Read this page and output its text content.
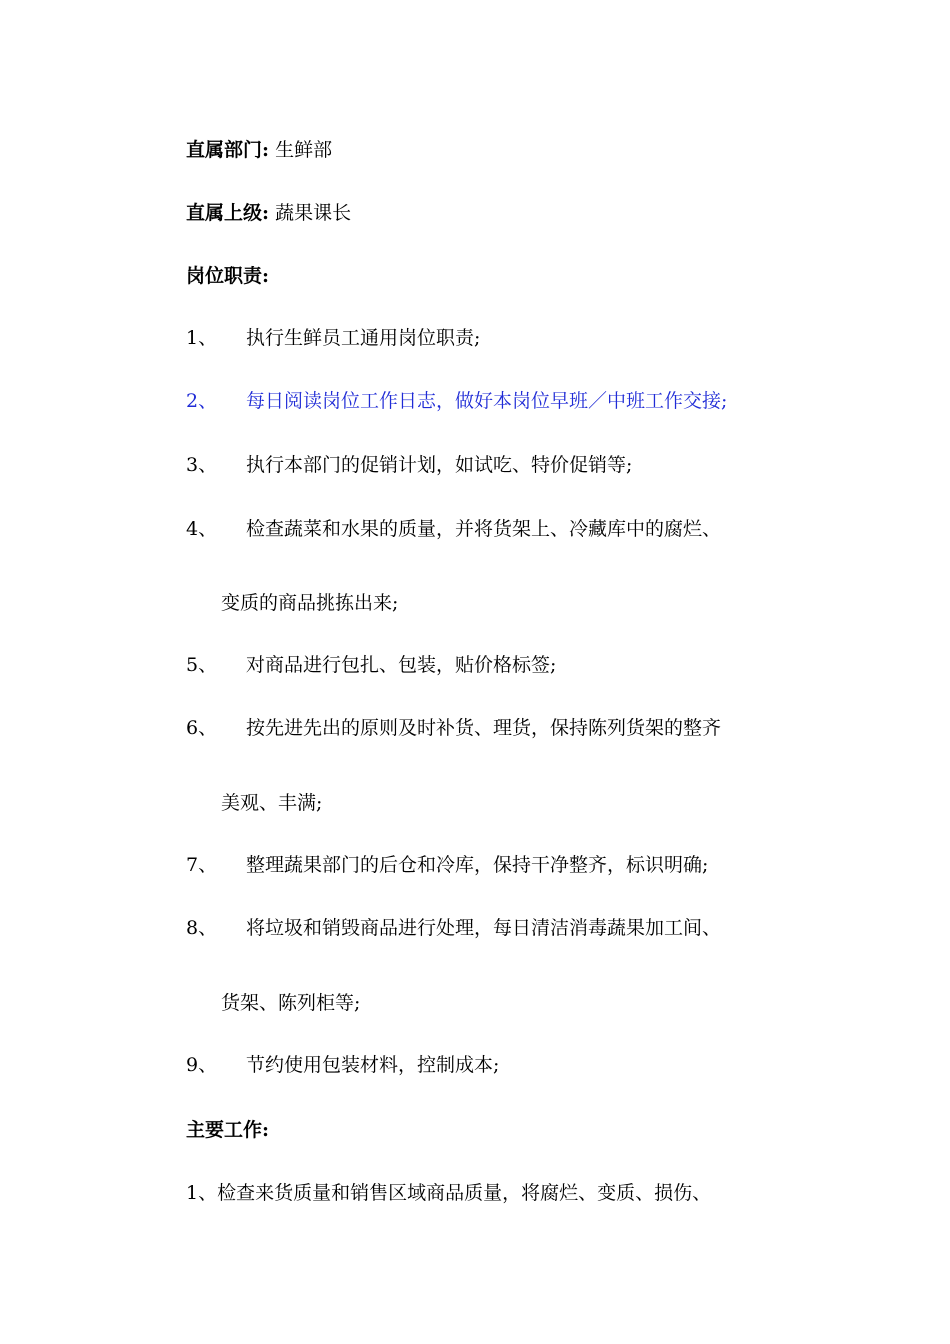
直属部门: 生鲜部
直属上级: 蔬果课长
岗位职责:
1、 执行生鲜员工通用岗位职责;
2、 每日阅读岗位工作日志，做好本岗位早班／中班工作交接;
3、 执行本部门的促销计划，如试吃、特价促销等;
4、 检查蔬菜和水果的质量，并将货架上、冷藏库中的腐烂、
变质的商品挑拣出来;
5、 对商品进行包扎、包装，贴价格标签;
6、 按先进先出的原则及时补货、理货，保持陈列货架的整齐
美观、丰满;
7、 整理蔬果部门的后仓和冷库，保持干净整齐，标识明确;
8、 将垃圾和销毁商品进行处理，每日清洁消毒蔬果加工间、
货架、陈列柜等;
9、 节约使用包装材料，控制成本;
主要工作:
1、检查来货质量和销售区域商品质量，将腐烂、变质、损伤、
